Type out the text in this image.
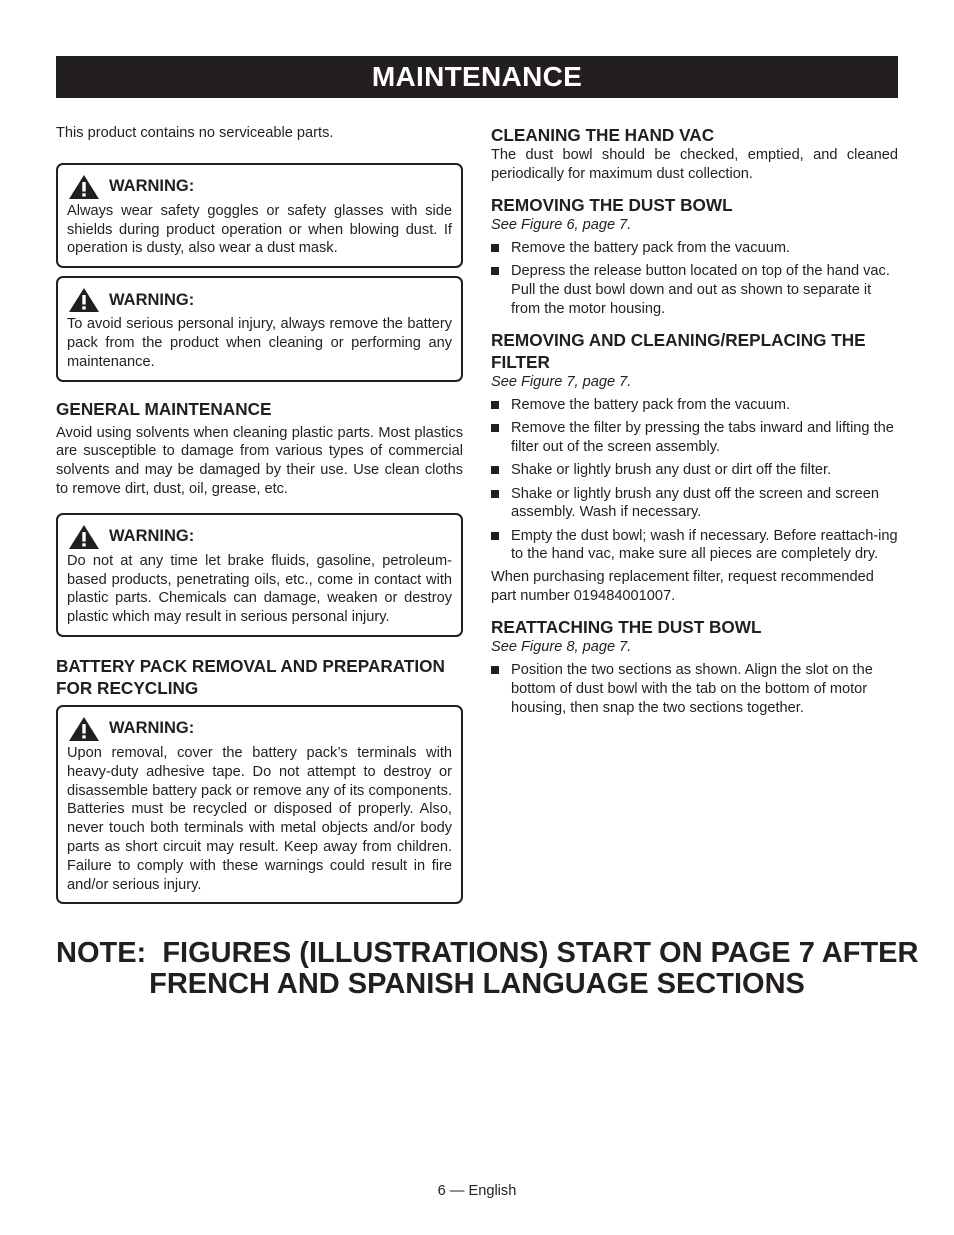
MAINTENANCE

This product contains no serviceable parts.

WARNING:

Always wear safety goggles or safety glasses with side shields during product operation or when blowing dust. If operation is dusty, also wear a dust mask.

WARNING:

To avoid serious personal injury, always remove the battery pack from the product when cleaning or performing any maintenance.

GENERAL MAINTENANCE

Avoid using solvents when cleaning plastic parts. Most plastics are susceptible to damage from various types of commercial solvents and may be damaged by their use. Use clean cloths to remove dirt, dust, oil, grease, etc.

WARNING:

Do not at any time let brake fluids, gasoline, petroleum-based products, penetrating oils, etc., come in contact with plastic parts. Chemicals can damage, weaken or destroy plastic which may result in serious personal injury.

BATTERY PACK REMOVAL AND PREPARATION FOR RECYCLING
WARNING:

Upon removal, cover the battery pack’s terminals with heavy-duty adhesive tape. Do not attempt to destroy or disassemble battery pack or remove any of its components. Batteries must be recycled or disposed of properly. Also, never touch both terminals with metal objects and/or body parts as short circuit may result. Keep away from children. Failure to comply with these warnings could result in fire and/or serious injury.

CLEANING THE HAND VAC

The dust bowl should be checked, emptied, and cleaned periodically for maximum dust collection.

REMOVING THE DUST BOWL
See Figure 6, page 7.
Remove the battery pack from the vacuum.
Depress the release button located on top of the hand vac. Pull the dust bowl down and out as shown to separate it from the motor housing.
REMOVING AND CLEANING/REPLACING THE FILTER
See Figure 7, page 7.
Remove the battery pack from the vacuum.
Remove the filter by pressing the tabs inward and lifting the filter out of the screen assembly.
Shake or lightly brush any dust or dirt off the filter.
Shake or lightly brush any dust off the screen and screen assembly. Wash if necessary.
Empty the dust bowl; wash if necessary. Before reattach-ing to the hand vac, make sure all pieces are completely dry.

When purchasing replacement filter, request recommended part number 019484001007.

REATTACHING THE DUST BOWL
See Figure 8, page 7.
Position the two sections as shown. Align the slot on the bottom of dust bowl with the tab on the bottom of motor housing, then snap the two sections together.
NOTE:  FIGURES (ILLUSTRATIONS) START ON PAGE 7 AFTER
FRENCH AND SPANISH LANGUAGE SECTIONS
6 — English
